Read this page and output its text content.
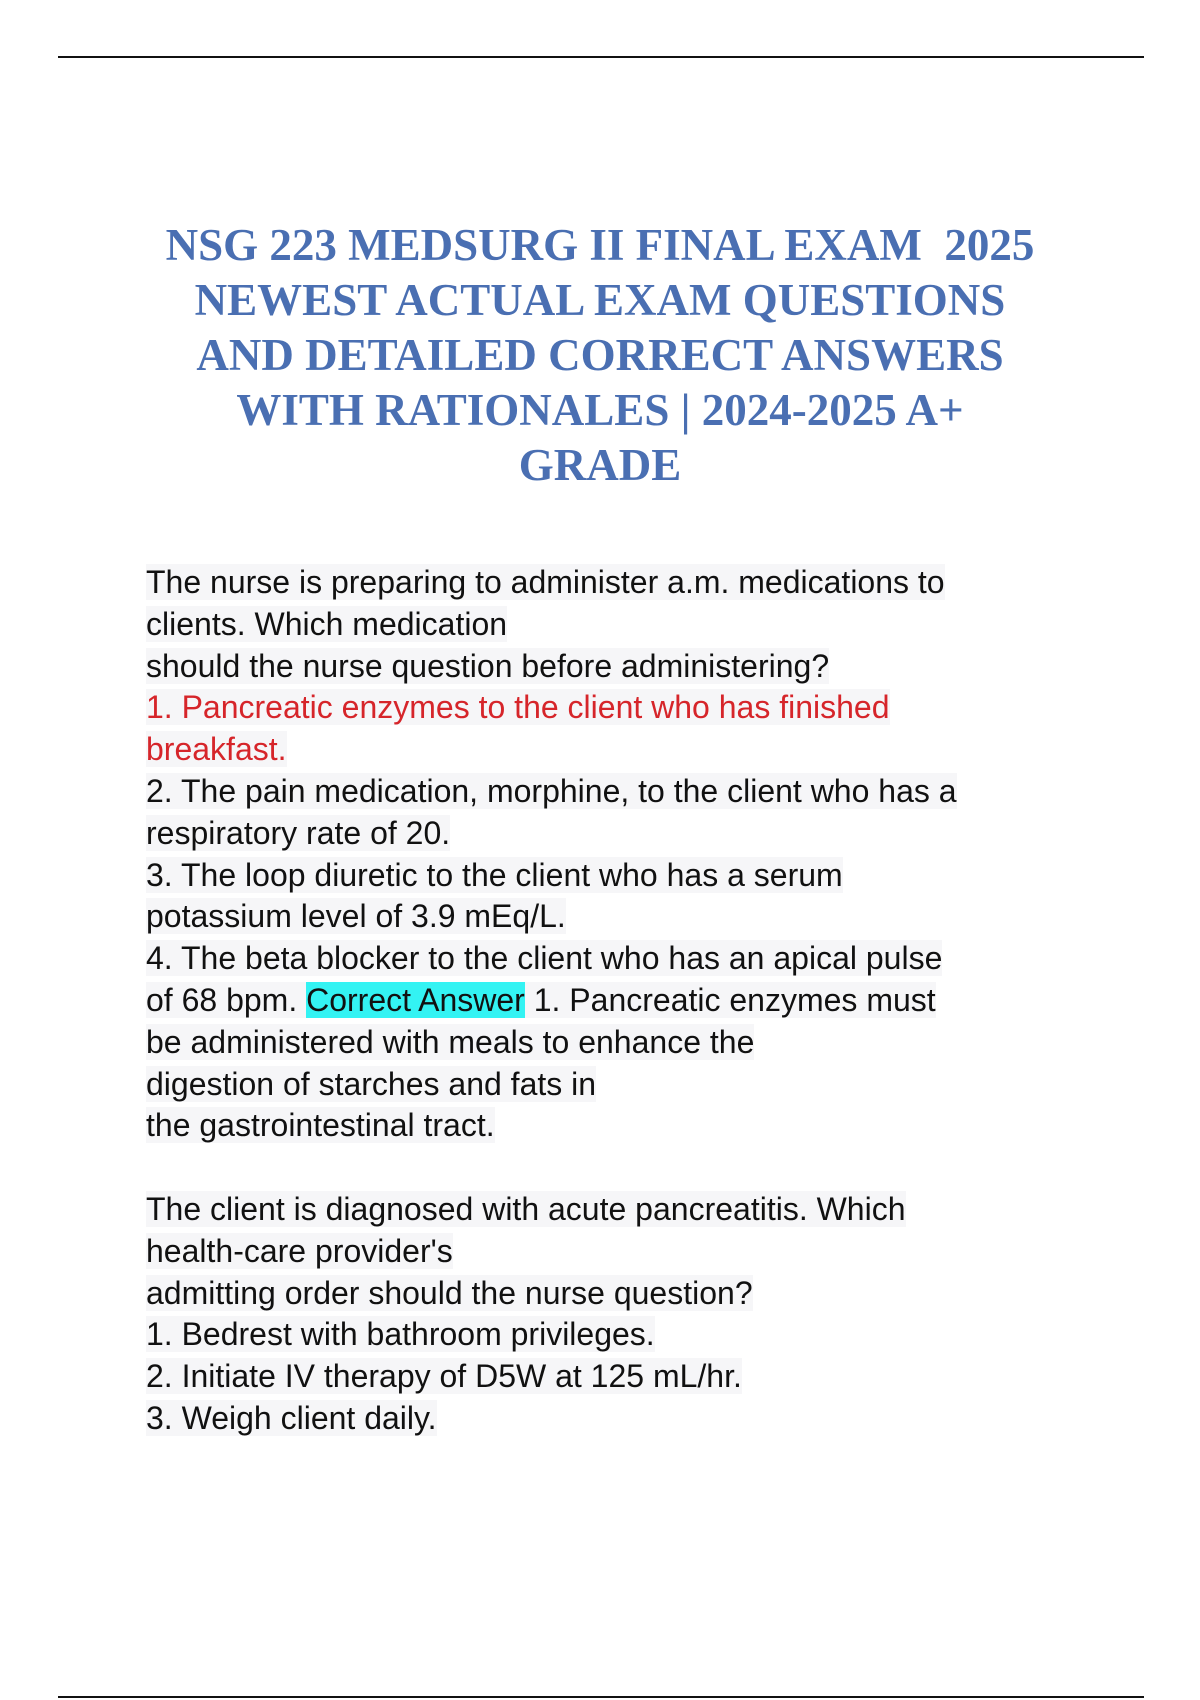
NSG 223 MEDSURG II FINAL EXAM  2025
NEWEST ACTUAL EXAM QUESTIONS
AND DETAILED CORRECT ANSWERS
WITH RATIONALES | 2024-2025 A+
GRADE
The nurse is preparing to administer a.m. medications to
clients. Which medication
should the nurse question before administering?
1. Pancreatic enzymes to the client who has finished
breakfast.
2. The pain medication, morphine, to the client who has a
respiratory rate of 20.
3. The loop diuretic to the client who has a serum
potassium level of 3.9 mEq/L.
4. The beta blocker to the client who has an apical pulse
of 68 bpm. Correct Answer 1. Pancreatic enzymes must
be administered with meals to enhance the
digestion of starches and fats in
the gastrointestinal tract.
The client is diagnosed with acute pancreatitis. Which
health-care provider's
admitting order should the nurse question?
1. Bedrest with bathroom privileges.
2. Initiate IV therapy of D5W at 125 mL/hr.
3. Weigh client daily.
